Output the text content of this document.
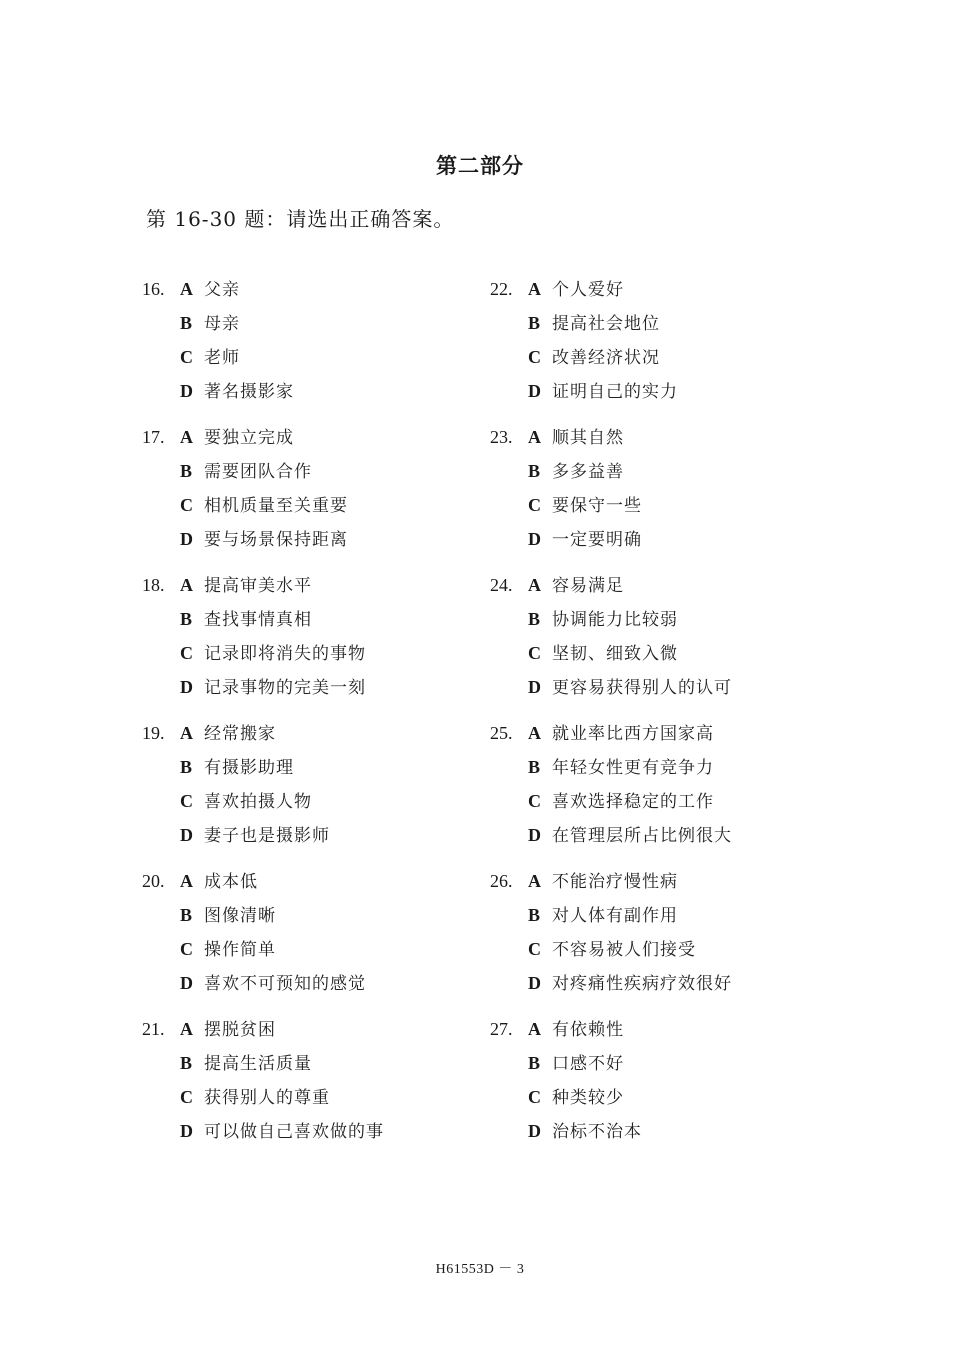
第二部分
第 16-30 题：请选出正确答案。
16. A 父亲
B 母亲
C 老师
D 著名摄影家
17. A 要独立完成
B 需要团队合作
C 相机质量至关重要
D 要与场景保持距离
18. A 提高审美水平
B 查找事情真相
C 记录即将消失的事物
D 记录事物的完美一刻
19. A 经常搬家
B 有摄影助理
C 喜欢拍摄人物
D 妻子也是摄影师
20. A 成本低
B 图像清晰
C 操作简单
D 喜欢不可预知的感觉
21. A 摆脱贫困
B 提高生活质量
C 获得别人的尊重
D 可以做自己喜欢做的事
22. A 个人爱好
B 提高社会地位
C 改善经济状况
D 证明自己的实力
23. A 顺其自然
B 多多益善
C 要保守一些
D 一定要明确
24. A 容易满足
B 协调能力比较弱
C 坚韧、细致入微
D 更容易获得别人的认可
25. A 就业率比西方国家高
B 年轻女性更有竞争力
C 喜欢选择稳定的工作
D 在管理层所占比例很大
26. A 不能治疗慢性病
B 对人体有副作用
C 不容易被人们接受
D 对疼痛性疾病疗效很好
27. A 有依赖性
B 口感不好
C 种类较少
D 治标不治本
H61553D － 3
